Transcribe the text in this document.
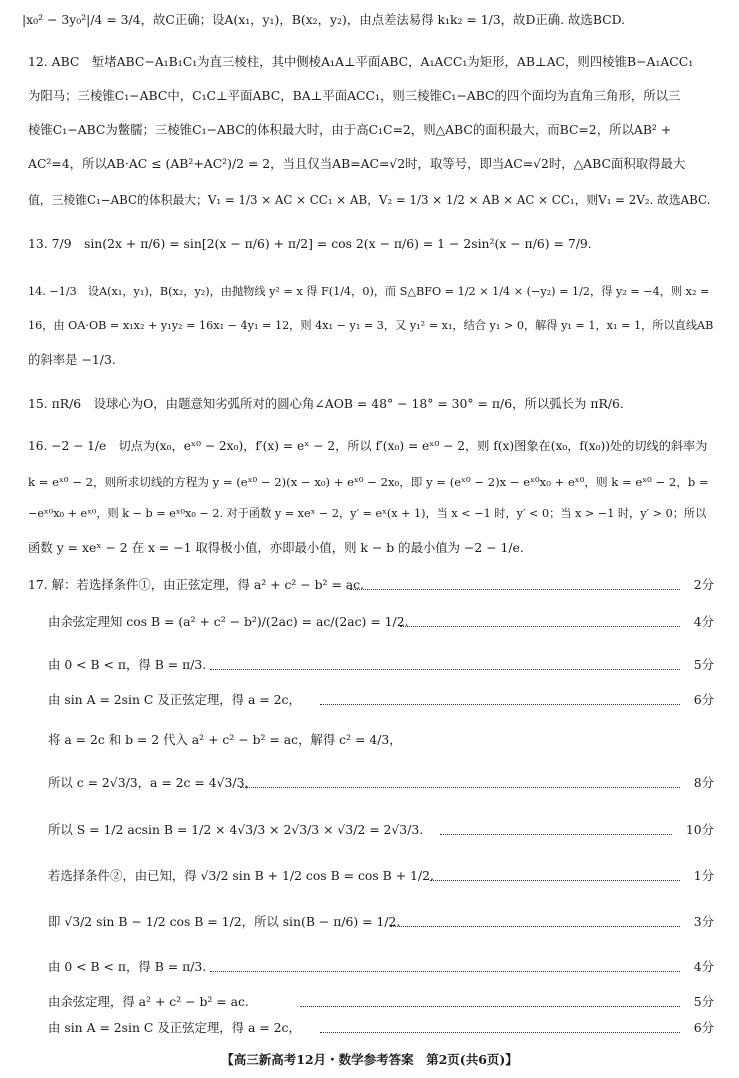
|x₀² − 3y₀²|/4 = 3/4，故C正确；设A(x₁，y₁)，B(x₂，y₂)，由点差法易得 k₁k₂ = 1/3，故D正确. 故选BCD.
12. ABC　堑堵ABC−A₁B₁C₁为直三棱柱，其中侧棱A₁A⊥平面ABC，A₁ACC₁为矩形，AB⊥AC，则四棱锥B−A₁ACC₁
为阳马；三棱锥C₁−ABC中，C₁C⊥平面ABC，BA⊥平面ACC₁，则三棱锥C₁−ABC的四个面均为直角三角形，所以三
棱锥C₁−ABC为鳖臑；三棱锥C₁−ABC的体积最大时，由于高C₁C=2，则△ABC的面积最大，而BC=2，所以AB² +
AC²=4，所以AB·AC ≤ (AB²+AC²)/2 = 2，当且仅当AB=AC=√2时，取等号，即当AC=√2时，△ABC面积取得最大
值，三棱锥C₁−ABC的体积最大；V₁ = 1/3 × AC × CC₁ × AB，V₂ = 1/3 × 1/2 × AB × AC × CC₁，则V₁ = 2V₂. 故选ABC.
13. 7/9　sin(2x + π/6) = sin[2(x − π/6) + π/2] = cos 2(x − π/6) = 1 − 2sin²(x − π/6) = 7/9.
14. −1/3　设A(x₁，y₁)，B(x₂，y₂)，由抛物线 y² = x 得 F(1/4，0)，而 S△BFO = 1/2 × 1/4 × (−y₂) = 1/2，得 y₂ = −4，则 x₂ =
16，由 OA·OB = x₁x₂ + y₁y₂ = 16x₁ − 4y₁ = 12，则 4x₁ − y₁ = 3，又 y₁² = x₁，结合 y₁ > 0，解得 y₁ = 1，x₁ = 1，所以直线AB
的斜率是 −1/3.
15. πR/6　设球心为O，由题意知劣弧所对的圆心角∠AOB = 48° − 18° = 30° = π/6，所以弧长为 πR/6.
16. −2 − 1/e　切点为(x₀，eˣ⁰ − 2x₀)，f′(x) = eˣ − 2，所以 f′(x₀) = eˣ⁰ − 2，则 f(x)图象在(x₀，f(x₀))处的切线的斜率为
k = eˣ⁰ − 2，则所求切线的方程为 y = (eˣ⁰ − 2)(x − x₀) + eˣ⁰ − 2x₀，即 y = (eˣ⁰ − 2)x − eˣ⁰x₀ + eˣ⁰，则 k = eˣ⁰ − 2，b =
−eˣ⁰x₀ + eˣ⁰，则 k − b = eˣ⁰x₀ − 2. 对于函数 y = xeˣ − 2，y′ = eˣ(x + 1)，当 x < −1 时，y′ < 0；当 x > −1 时，y′ > 0；所以
函数 y = xeˣ − 2 在 x = −1 取得极小值，亦即最小值，则 k − b 的最小值为 −2 − 1/e.
17. 解：若选择条件①，由正弦定理，得 a² + c² − b² = ac.	2分
由余弦定理知 cos B = (a² + c² − b²)/(2ac) = ac/(2ac) = 1/2.	4分
由 0 < B < π，得 B = π/3.	5分
由 sin A = 2sin C 及正弦定理，得 a = 2c，	6分
将 a = 2c 和 b = 2 代入 a² + c² − b² = ac，解得 c² = 4/3，
所以 c = 2√3/3，a = 2c = 4√3/3，	8分
所以 S = 1/2 acsin B = 1/2 × 4√3/3 × 2√3/3 × √3/2 = 2√3/3.	10分
若选择条件②，由已知，得 √3/2 sin B + 1/2 cos B = cos B + 1/2.	1分
即 √3/2 sin B − 1/2 cos B = 1/2，所以 sin(B − π/6) = 1/2.	3分
由 0 < B < π，得 B = π/3.	4分
由余弦定理，得 a² + c² − b² = ac.	5分
由 sin A = 2sin C 及正弦定理，得 a = 2c，	6分
【高三新高考12月・数学参考答案　第2页(共6页)】
